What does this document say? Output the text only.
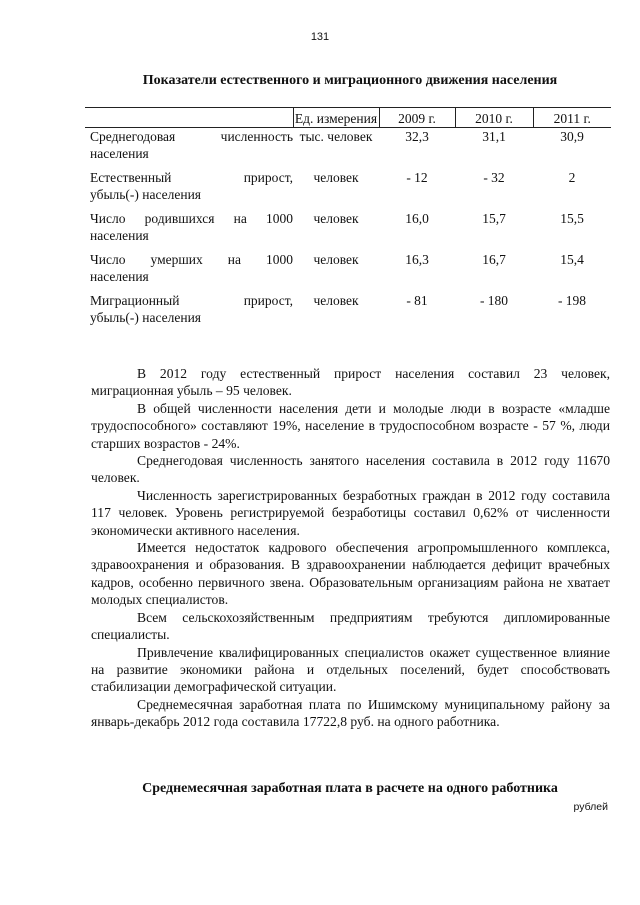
131
Показатели естественного и миграционного движения населения
	Ед. измерения	2009 г.	2010 г.	2011 г.

Среднегодовая численность
населения	тыс. человек	32,3	31,1	30,9

Естественный прирост,
убыль(-) населения	человек	- 12	- 32	2

Число родившихся на 1000
населения	человек	16,0	15,7	15,5

Число умерших на 1000
населения	человек	16,3	16,7	15,4

Миграционный прирост,
убыль(-) населения	человек	- 81	- 180	- 198

В 2012 году естественный прирост населения составил 23 человек, миграционная убыль – 95 человек.

В общей численности населения дети и молодые люди в возрасте «младше трудоспособного» составляют 19%, население в трудоспособном возрасте - 57 %, люди старших возрастов - 24%.

Среднегодовая численность занятого населения составила в 2012 году 11670 человек.

Численность зарегистрированных безработных граждан в 2012 году составила 117 человек. Уровень регистрируемой безработицы составил 0,62% от численности экономически активного населения.

Имеется недостаток кадрового обеспечения агропромышленного комплекса, здравоохранения и образования. В здравоохранении наблюдается дефицит врачебных кадров, особенно первичного звена. Образовательным организациям района не хватает молодых специалистов.

Всем сельскохозяйственным предприятиям требуются дипломированные специалисты.

Привлечение квалифицированных специалистов окажет существенное влияние на развитие экономики района и отдельных поселений, будет способствовать стабилизации демографической ситуации.

Среднемесячная заработная плата по Ишимскому муниципальному району за январь-декабрь 2012 года составила 17722,8 руб. на одного работника.

Среднемесячная заработная плата в расчете на одного работника
рублей
